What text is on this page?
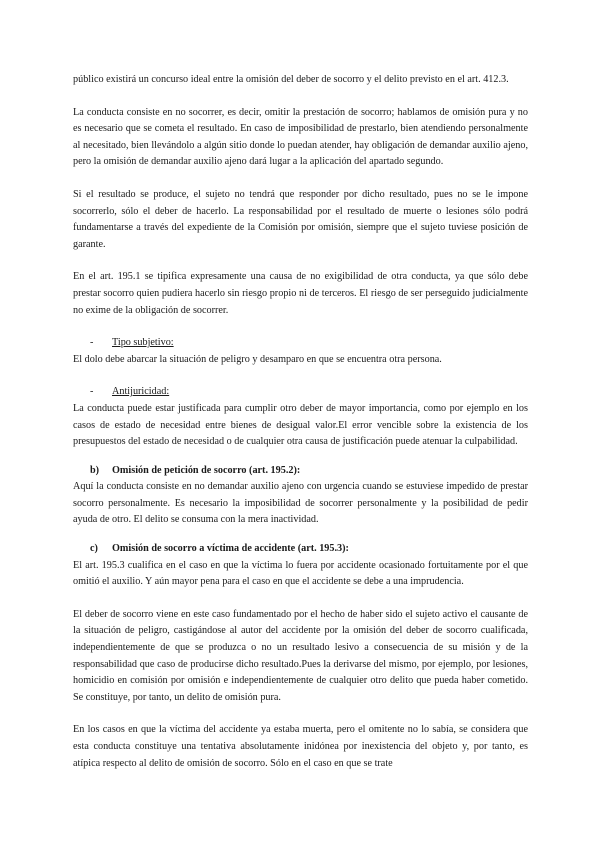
público existirá un concurso ideal entre la omisión del deber de socorro y el delito previsto en el art. 412.3.

La conducta consiste en no socorrer, es decir, omitir la prestación de socorro; hablamos de omisión pura y no es necesario que se cometa el resultado. En caso de imposibilidad de prestarlo, bien atendiendo personalmente al necesitado, bien llevándolo a algún sitio donde lo puedan atender, hay obligación de demandar auxilio ajeno, pero la omisión de demandar auxilio ajeno dará lugar a la aplicación del apartado segundo.

Si el resultado se produce, el sujeto no tendrá que responder por dicho resultado, pues no se le impone socorrerlo, sólo el deber de hacerlo. La responsabilidad por el resultado de muerte o lesiones sólo podrá fundamentarse a través del expediente de la Comisión por omisión, siempre que el sujeto tuviese posición de garante.

En el art. 195.1 se tipifica expresamente una causa de no exigibilidad de otra conducta, ya que sólo debe prestar socorro quien pudiera hacerlo sin riesgo propio ni de terceros. El riesgo de ser perseguido judicialmente no exime de la obligación de socorrer.

-	Tipo subjetivo:

El dolo debe abarcar la situación de peligro y desamparo en que se encuentra otra persona.

-	Antijuricidad:

La conducta puede estar justificada para cumplir otro deber de mayor importancia, como por ejemplo en los casos de estado de necesidad entre bienes de desigual valor.El error vencible sobre la existencia de los presupuestos del estado de necesidad o de cualquier otra causa de justificación puede atenuar la culpabilidad.

b)	Omisión de petición de socorro (art. 195.2):

Aquí la conducta consiste en no demandar auxilio ajeno con urgencia cuando se estuviese impedido de prestar socorro personalmente. Es necesario la imposibilidad de socorrer personalmente y la posibilidad de pedir ayuda de otro. El delito se consuma con la mera inactividad.

c)	Omisión de socorro a víctima de accidente (art. 195.3):

El art. 195.3 cualifica en el caso en que la víctima lo fuera por accidente ocasionado fortuitamente por el que omitió el auxilio. Y aún mayor pena para el caso en que el accidente se debe a una imprudencia.

El deber de socorro viene en este caso fundamentado por el hecho de haber sido el sujeto activo el causante de la situación de peligro, castigándose al autor del accidente por la omisión del deber de socorro cualificada, independientemente de que se produzca o no un resultado lesivo a consecuencia de su misión y de la responsabilidad que caso de producirse dicho resultado.Pues la derivarse del mismo, por ejemplo, por lesiones, homicidio en comisión por omisión e independientemente de cualquier otro delito que pueda haber cometido. Se constituye, por tanto, un delito de omisión pura.

En los casos en que la víctima del accidente ya estaba muerta, pero el omitente no lo sabía, se considera que esta conducta constituye una tentativa absolutamente inidónea por inexistencia del objeto y, por tanto, es atípica respecto al delito de omisión de socorro. Sólo en el caso en que se trate
